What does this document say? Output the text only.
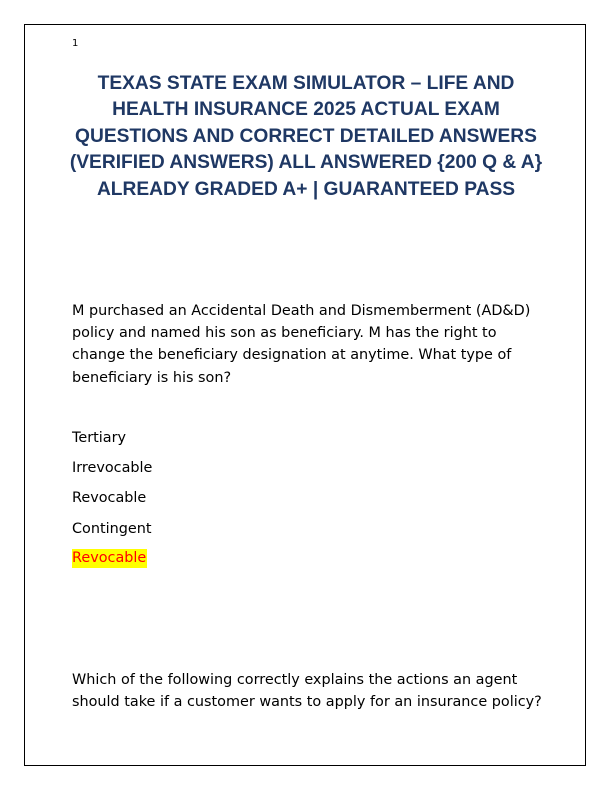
1
TEXAS STATE EXAM SIMULATOR – LIFE AND HEALTH INSURANCE 2025 ACTUAL EXAM QUESTIONS AND CORRECT DETAILED ANSWERS (VERIFIED ANSWERS) ALL ANSWERED {200 Q & A} ALREADY GRADED A+ | GUARANTEED PASS

M purchased an Accidental Death and Dismemberment (AD&D) policy and named his son as beneficiary. M has the right to change the beneficiary designation at anytime. What type of beneficiary is his son?

Tertiary
Irrevocable
Revocable
Contingent
Revocable

Which of the following correctly explains the actions an agent should take if a customer wants to apply for an insurance policy?
